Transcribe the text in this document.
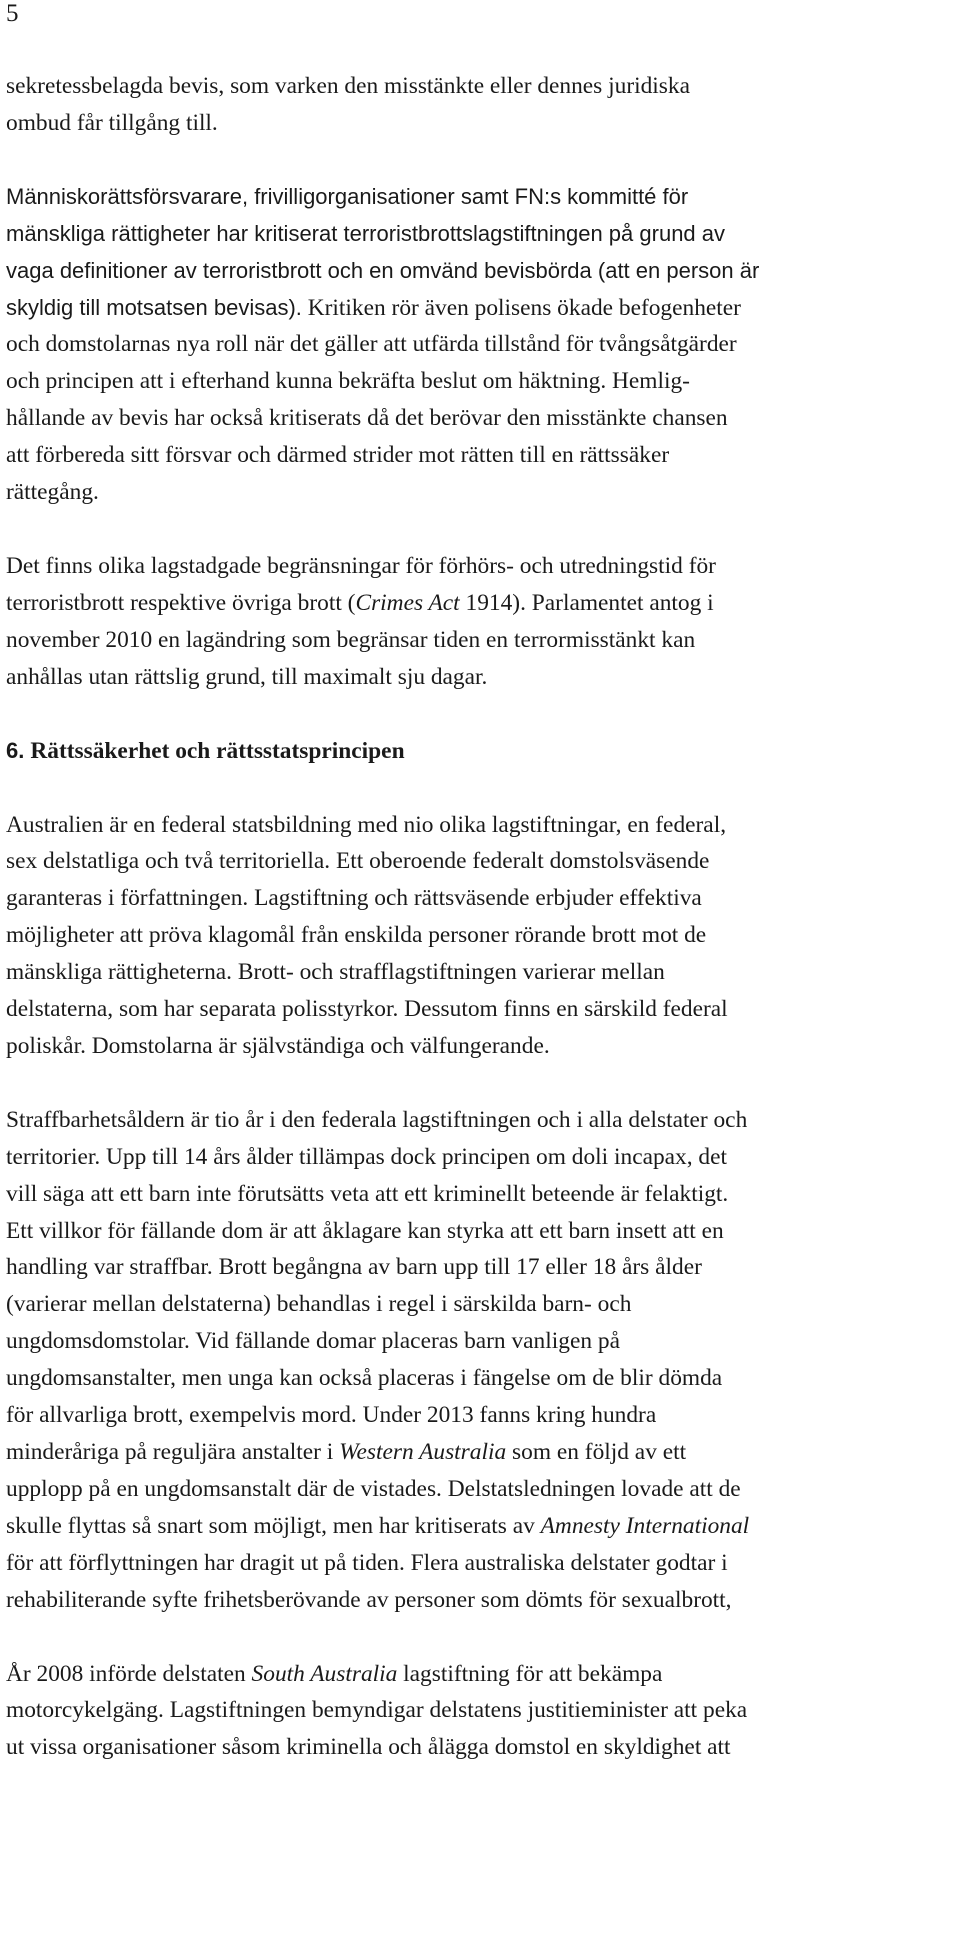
5

sekretessbelagda bevis, som varken den misstänkte eller dennes juridiska
ombud får tillgång till.

Människorättsförsvarare, frivilligorganisationer samt FN:s kommitté för
mänskliga rättigheter har kritiserat terroristbrottslagstiftningen på grund av
vaga definitioner av terroristbrott och en omvänd bevisbörda (att en person är
skyldig till motsatsen bevisas). Kritiken rör även polisens ökade befogenheter
och domstolarnas nya roll när det gäller att utfärda tillstånd för tvångsåtgärder
och principen att i efterhand kunna bekräfta beslut om häktning. Hemlig-
hållande av bevis har också kritiserats då det berövar den misstänkte chansen
att förbereda sitt försvar och därmed strider mot rätten till en rättssäker
rättegång.

Det finns olika lagstadgade begränsningar för förhörs- och utredningstid för
terroristbrott respektive övriga brott (Crimes Act 1914). Parlamentet antog i
november 2010 en lagändring som begränsar tiden en terrormisstänkt kan
anhållas utan rättslig grund, till maximalt sju dagar.

6. Rättssäkerhet och rättsstatsprincipen

Australien är en federal statsbildning med nio olika lagstiftningar, en federal,
sex delstatliga och två territoriella. Ett oberoende federalt domstolsväsende
garanteras i författningen. Lagstiftning och rättsväsende erbjuder effektiva
möjligheter att pröva klagomål från enskilda personer rörande brott mot de
mänskliga rättigheterna. Brott- och strafflagstiftningen varierar mellan
delstaterna, som har separata polisstyrkor. Dessutom finns en särskild federal
poliskår. Domstolarna är självständiga och välfungerande.

Straffbarhetsåldern är tio år i den federala lagstiftningen och i alla delstater och
territorier. Upp till 14 års ålder tillämpas dock principen om doli incapax, det
vill säga att ett barn inte förutsätts veta att ett kriminellt beteende är felaktigt.
Ett villkor för fällande dom är att åklagare kan styrka att ett barn insett att en
handling var straffbar. Brott begångna av barn upp till 17 eller 18 års ålder
(varierar mellan delstaterna) behandlas i regel i särskilda barn- och
ungdomsdomstolar. Vid fällande domar placeras barn vanligen på
ungdomsanstalter, men unga kan också placeras i fängelse om de blir dömda
för allvarliga brott, exempelvis mord. Under 2013 fanns kring hundra
minderåriga på reguljära anstalter i Western Australia som en följd av ett
upplopp på en ungdomsanstalt där de vistades. Delstatsledningen lovade att de
skulle flyttas så snart som möjligt, men har kritiserats av Amnesty International
för att förflyttningen har dragit ut på tiden. Flera australiska delstater godtar i
rehabiliterande syfte frihetsberövande av personer som dömts för sexualbrott,

År 2008 införde delstaten South Australia lagstiftning för att bekämpa
motorcykelgäng. Lagstiftningen bemyndigar delstatens justitieminister att peka
ut vissa organisationer såsom kriminella och ålägga domstol en skyldighet att
